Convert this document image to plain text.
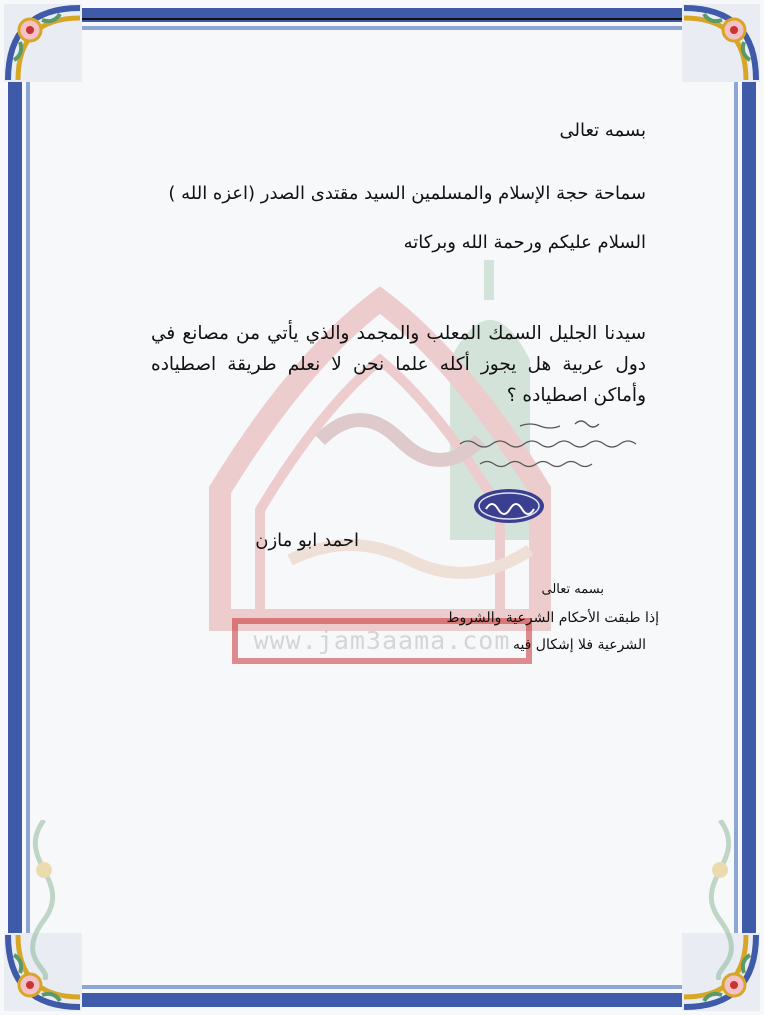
www.jam3aama.com
بسمه تعالى
سماحة حجة الإسلام والمسلمين السيد مقتدى الصدر (اعزه الله )
السلام عليكم ورحمة الله وبركاته
سيدنا الجليل السمك المعلب والمجمد والذي يأتي من مصانع في دول عربية هل يجوز أكله علما نحن لا نعلم طريقة اصطياده وأماكن اصطياده ؟
احمد ابو مازن
بسمه تعالى
إذا طبقت الأحكام الشرعية والشروط
الشرعية فلا إشكال فيه
